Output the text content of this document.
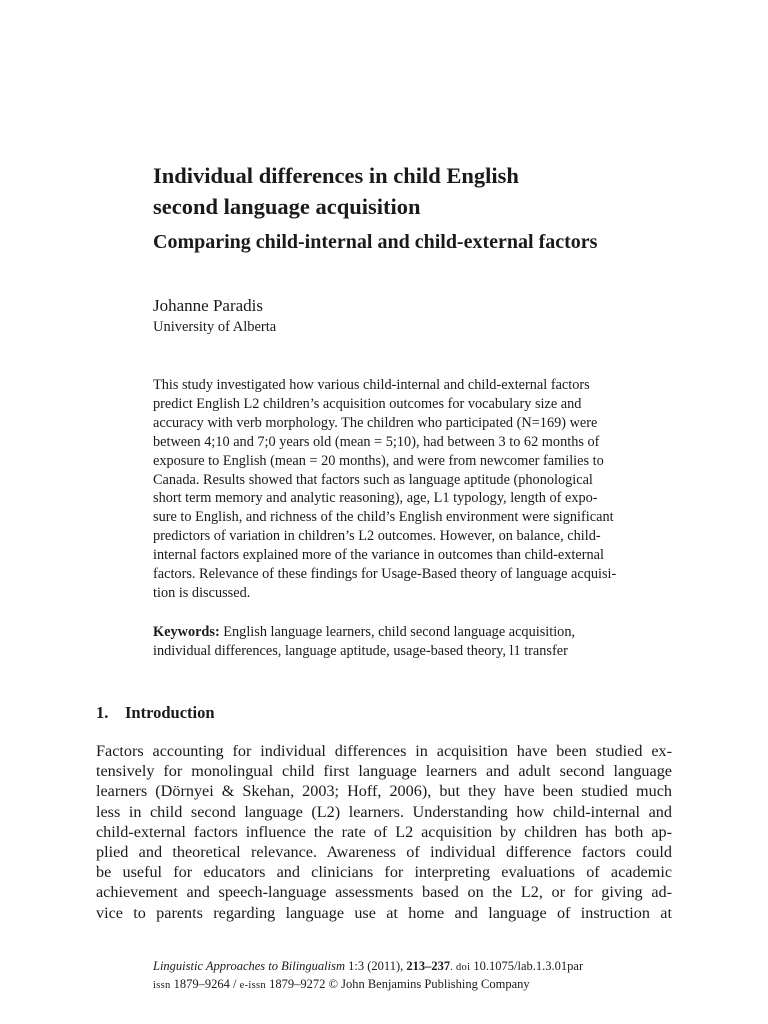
Individual differences in child English
second language acquisition
Comparing child-internal and child-external factors
Johanne Paradis
University of Alberta
This study investigated how various child-internal and child-external factors
predict English L2 children’s acquisition outcomes for vocabulary size and
accuracy with verb morphology. The children who participated (N=169) were
between 4;10 and 7;0 years old (mean = 5;10), had between 3 to 62 months of
exposure to English (mean = 20 months), and were from newcomer families to
Canada. Results showed that factors such as language aptitude (phonological
short term memory and analytic reasoning), age, L1 typology, length of expo-
sure to English, and richness of the child’s English environment were significant
predictors of variation in children’s L2 outcomes. However, on balance, child-
internal factors explained more of the variance in outcomes than child-external
factors. Relevance of these findings for Usage-Based theory of language acquisi-
tion is discussed.
Keywords: English language learners, child second language acquisition,
individual differences, language aptitude, usage-based theory, l1 transfer
1. Introduction
Factors accounting for individual differences in acquisition have been studied ex-
tensively for monolingual child first language learners and adult second language
learners (Dörnyei & Skehan, 2003; Hoff, 2006), but they have been studied much
less in child second language (L2) learners. Understanding how child-internal and
child-external factors influence the rate of L2 acquisition by children has both ap-
plied and theoretical relevance. Awareness of individual difference factors could
be useful for educators and clinicians for interpreting evaluations of academic
achievement and speech-language assessments based on the L2, or for giving ad-
vice to parents regarding language use at home and language of instruction at
Linguistic Approaches to Bilingualism 1:3 (2011), 213–237. doi 10.1075/lab.1.3.01par
issn 1879–9264 / e-issn 1879–9272 © John Benjamins Publishing Company
